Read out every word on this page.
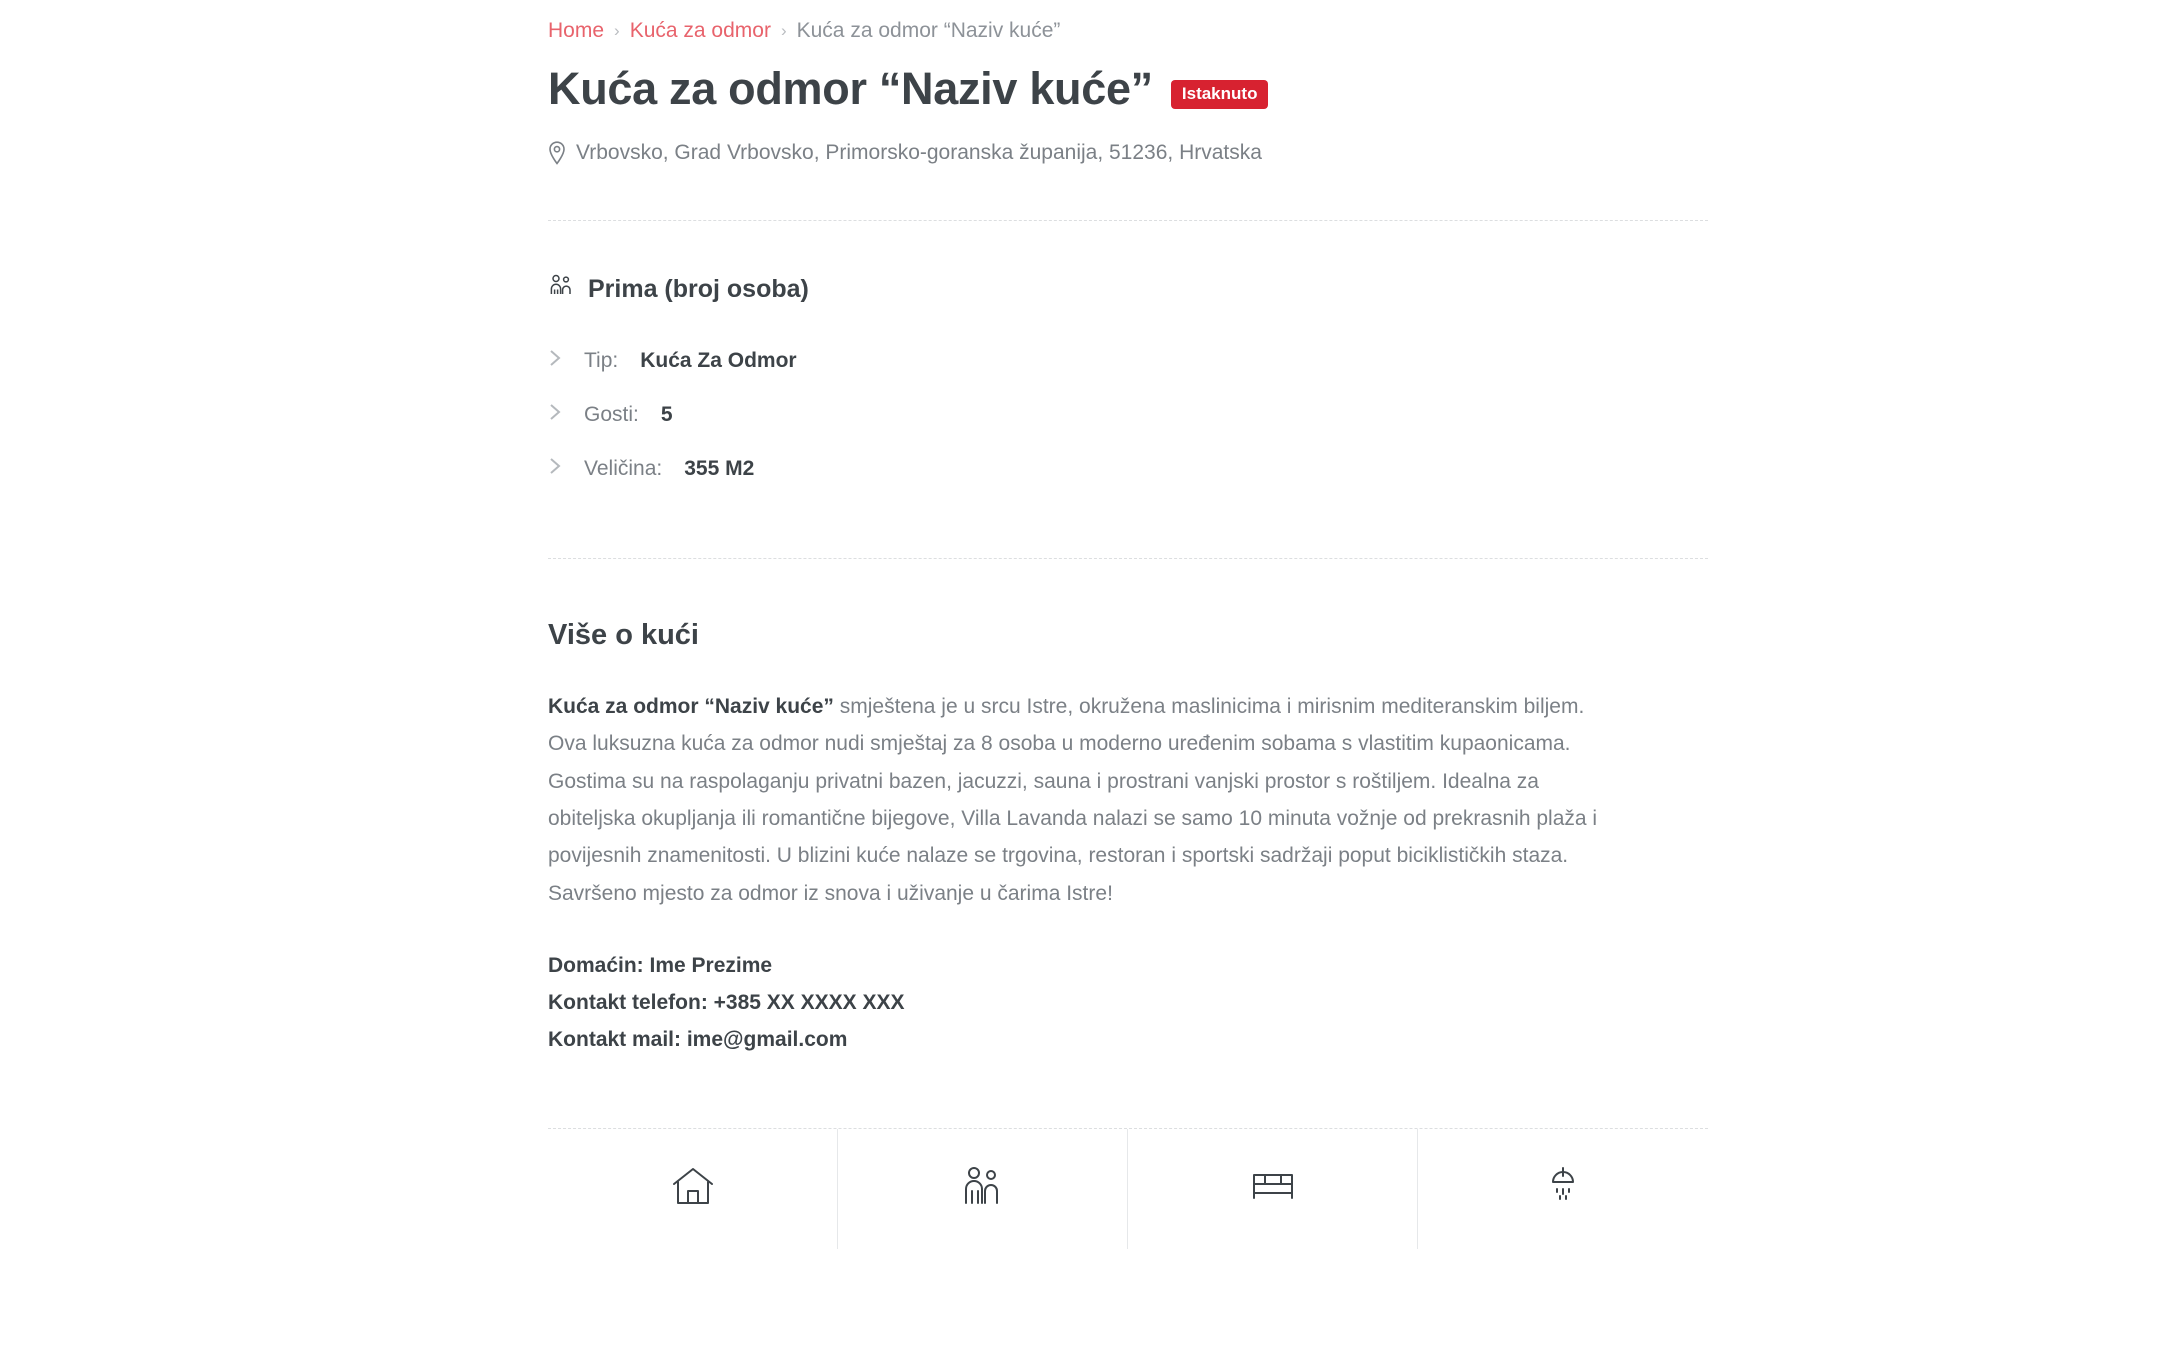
Home › Kuća za odmor › Kuća za odmor “Naziv kuće”
Kuća za odmor “Naziv kuće”	Istaknuto
Vrbovsko, Grad Vrbovsko, Primorsko-goranska županija, 51236, Hrvatska
Prima (broj osoba)
Tip: Kuća Za Odmor
Gosti: 5
Veličina: 355 M2
Više o kući

Kuća za odmor “Naziv kuće” smještena je u srcu Istre, okružena maslinicima i mirisnim mediteranskim biljem. Ova luksuzna kuća za odmor nudi smještaj za 8 osoba u moderno uređenim sobama s vlastitim kupaonicama. Gostima su na raspolaganju privatni bazen, jacuzzi, sauna i prostrani vanjski prostor s roštiljem. Idealna za obiteljska okupljanja ili romantične bijegove, Villa Lavanda nalazi se samo 10 minuta vožnje od prekrasnih plaža i povijesnih znamenitosti. U blizini kuće nalaze se trgovina, restoran i sportski sadržaji poput biciklističkih staza. Savršeno mjesto za odmor iz snova i uživanje u čarima Istre!

Domaćin: Ime Prezime
Kontakt telefon: +385 XX XXXX XXX
Kontakt mail: ime@gmail.com
